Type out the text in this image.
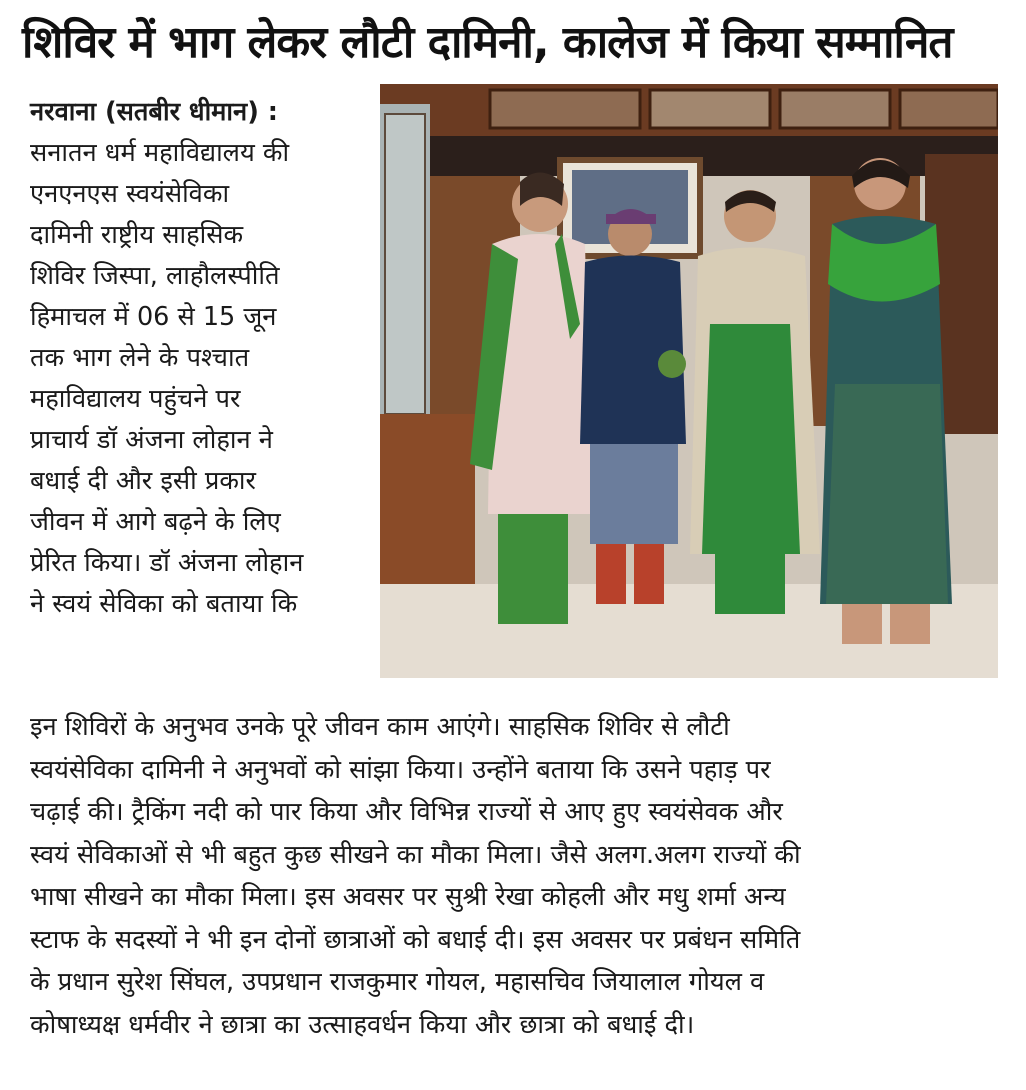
शिविर में भाग लेकर लौटी दामिनी, कालेज में किया सम्मानित
नरवाना (सतबीर धीमान) :
सनातन धर्म महाविद्यालय की
एनएनएस स्वयंसेविका
दामिनी राष्ट्रीय साहसिक
शिविर जिस्पा, लाहौलस्पीति
हिमाचल में 06 से 15 जून
तक भाग लेने के पश्चात
महाविद्यालय पहुंचने पर
प्राचार्य डॉ अंजना लोहान ने
बधाई दी और इसी प्रकार
जीवन में आगे बढ़ने के लिए
प्रेरित किया। डॉ अंजना लोहान
ने स्वयं सेविका को बताया कि
इन शिविरों के अनुभव उनके पूरे जीवन काम आएंगे। साहसिक शिविर से लौटी
स्वयंसेविका दामिनी ने अनुभवों को सांझा किया। उन्होंने बताया कि उसने पहाड़ पर
चढ़ाई की। ट्रैकिंग नदी को पार किया और विभिन्न राज्यों से आए हुए स्वयंसेवक और
स्वयं सेविकाओं से भी बहुत कुछ सीखने का मौका मिला। जैसे अलग.अलग राज्यों की
भाषा सीखने का मौका मिला। इस अवसर पर सुश्री रेखा कोहली और मधु शर्मा अन्य
स्टाफ के सदस्यों ने भी इन दोनों छात्राओं को बधाई दी। इस अवसर पर प्रबंधन समिति
के प्रधान सुरेश सिंघल, उपप्रधान राजकुमार गोयल, महासचिव जियालाल गोयल व
कोषाध्यक्ष धर्मवीर ने छात्रा का उत्साहवर्धन किया और छात्रा को बधाई दी।
